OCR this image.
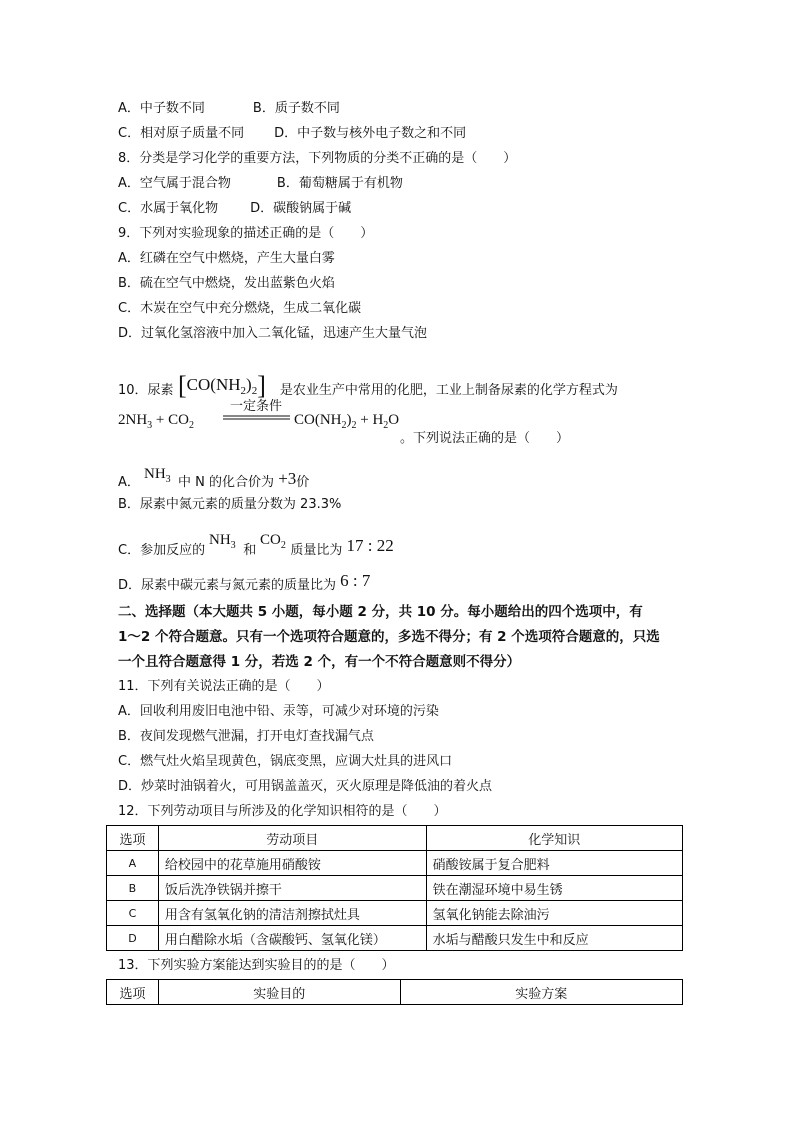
A．中子数不同	B．质子数不同
C．相对原子质量不同 D．中子数与核外电子数之和不同
8．分类是学习化学的重要方法，下列物质的分类不正确的是（　　）
A．空气属于混合物	B．葡萄糖属于有机物
C．水属于氧化物 D．碳酸钠属于碱
9．下列对实验现象的描述正确的是（　　）
A．红磷在空气中燃烧，产生大量白雾
B．硫在空气中燃烧，发出蓝紫色火焰
C．木炭在空气中充分燃烧，生成二氧化碳
D．过氧化氢溶液中加入二氧化锰，迅速产生大量气泡
10．尿素 $[CO(NH_2)_2]$ 是农业生产中常用的化肥，工业上制备尿素的化学方程式为
$2NH_3 + CO_2$
一定条件
$CO(NH_2)_2 + H_2O$
。下列说法正确的是（　　）
A．
$NH_3$ 中 N 的化合价为 +3价
B．尿素中氮元素的质量分数为 23.3%
C．参加反应的
$NH_3$ 和
$CO_2$ 质量比为 17 : 22
D．尿素中碳元素与氮元素的质量比为 6 : 7
二、选择题（本大题共 5 小题，每小题 2 分，共 10 分。每小题给出的四个选项中，有
1～2 个符合题意。只有一个选项符合题意的，多选不得分；有 2 个选项符合题意的，只选
一个且符合题意得 1 分，若选 2 个，有一个不符合题意则不得分）
11．下列有关说法正确的是（　　）
A．回收利用废旧电池中铅、汞等，可减少对环境的污染
B．夜间发现燃气泄漏，打开电灯查找漏气点
C．燃气灶火焰呈现黄色，锅底变黑，应调大灶具的进风口
D．炒菜时油锅着火，可用锅盖盖灭，灭火原理是降低油的着火点
12．下列劳动项目与所涉及的化学知识相符的是（　　）
选项	劳动项目	化学知识
A	给校园中的花草施用硝酸铵	硝酸铵属于复合肥料
B	饭后洗净铁锅并擦干	铁在潮湿环境中易生锈
C	用含有氢氧化钠的清洁剂擦拭灶具	氢氧化钠能去除油污
D	用白醋除水垢（含碳酸钙、氢氧化镁）	水垢与醋酸只发生中和反应
13．下列实验方案能达到实验目的的是（　　）
选项	实验目的	实验方案
